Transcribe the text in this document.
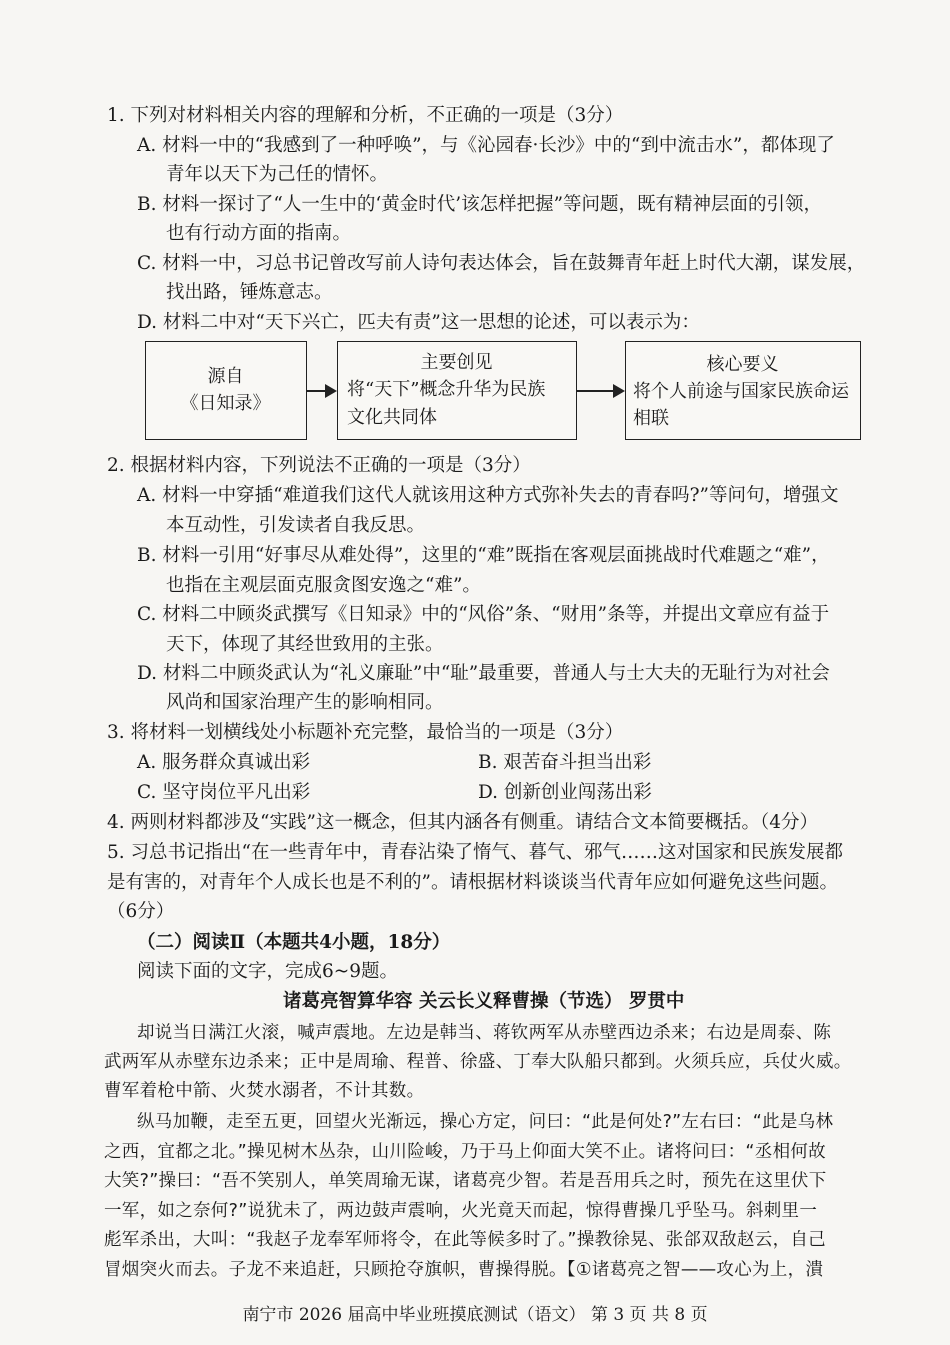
1. 下列对材料相关内容的理解和分析，不正确的一项是（3分）
A. 材料一中的“我感到了一种呼唤”，与《沁园春·长沙》中的“到中流击水”，都体现了
青年以天下为己任的情怀。
B. 材料一探讨了“人一生中的‘黄金时代’该怎样把握”等问题，既有精神层面的引领，
也有行动方面的指南。
C. 材料一中，习总书记曾改写前人诗句表达体会，旨在鼓舞青年赶上时代大潮，谋发展，
找出路，锤炼意志。
D. 材料二中对“天下兴亡，匹夫有责”这一思想的论述，可以表示为：
源自
《日知录》
主要创见
将“天下”概念升华为民族
文化共同体
核心要义
将个人前途与国家民族命运
相联
2. 根据材料内容，下列说法不正确的一项是（3分）
A. 材料一中穿插“难道我们这代人就该用这种方式弥补失去的青春吗?”等问句，增强文
本互动性，引发读者自我反思。
B. 材料一引用“好事尽从难处得”，这里的“难”既指在客观层面挑战时代难题之“难”，
也指在主观层面克服贪图安逸之“难”。
C. 材料二中顾炎武撰写《日知录》中的“风俗”条、“财用”条等，并提出文章应有益于
天下，体现了其经世致用的主张。
D. 材料二中顾炎武认为“礼义廉耻”中“耻”最重要，普通人与士大夫的无耻行为对社会
风尚和国家治理产生的影响相同。
3. 将材料一划横线处小标题补充完整，最恰当的一项是（3分）
A. 服务群众真诚出彩	B. 艰苦奋斗担当出彩
C. 坚守岗位平凡出彩	D. 创新创业闯荡出彩
4. 两则材料都涉及“实践”这一概念，但其内涵各有侧重。请结合文本简要概括。（4分）
5. 习总书记指出“在一些青年中，青春沾染了惰气、暮气、邪气……这对国家和民族发展都
是有害的，对青年个人成长也是不利的”。请根据材料谈谈当代青年应如何避免这些问题。
（6分）
（二）阅读Ⅱ（本题共4小题，18分）
阅读下面的文字，完成6~9题。
诸葛亮智算华容 关云长义释曹操（节选） 罗贯中
却说当日满江火滚，喊声震地。左边是韩当、蒋钦两军从赤壁西边杀来；右边是周泰、陈
武两军从赤壁东边杀来；正中是周瑜、程普、徐盛、丁奉大队船只都到。火须兵应，兵仗火威。
曹军着枪中箭、火焚水溺者，不计其数。
纵马加鞭，走至五更，回望火光渐远，操心方定，问曰：“此是何处?”左右曰：“此是乌林
之西，宜都之北。”操见树木丛杂，山川险峻，乃于马上仰面大笑不止。诸将问曰：“丞相何故
大笑?”操曰：“吾不笑别人，单笑周瑜无谋，诸葛亮少智。若是吾用兵之时，预先在这里伏下
一军，如之奈何?”说犹未了，两边鼓声震响，火光竟天而起，惊得曹操几乎坠马。斜刺里一
彪军杀出，大叫：“我赵子龙奉军师将令，在此等候多时了。”操教徐晃、张郃双敌赵云，自己
冒烟突火而去。子龙不来追赶，只顾抢夺旗帜，曹操得脱。【①诸葛亮之智——攻心为上，潰
南宁市 2026 届高中毕业班摸底测试（语文） 第 3 页 共 8 页
